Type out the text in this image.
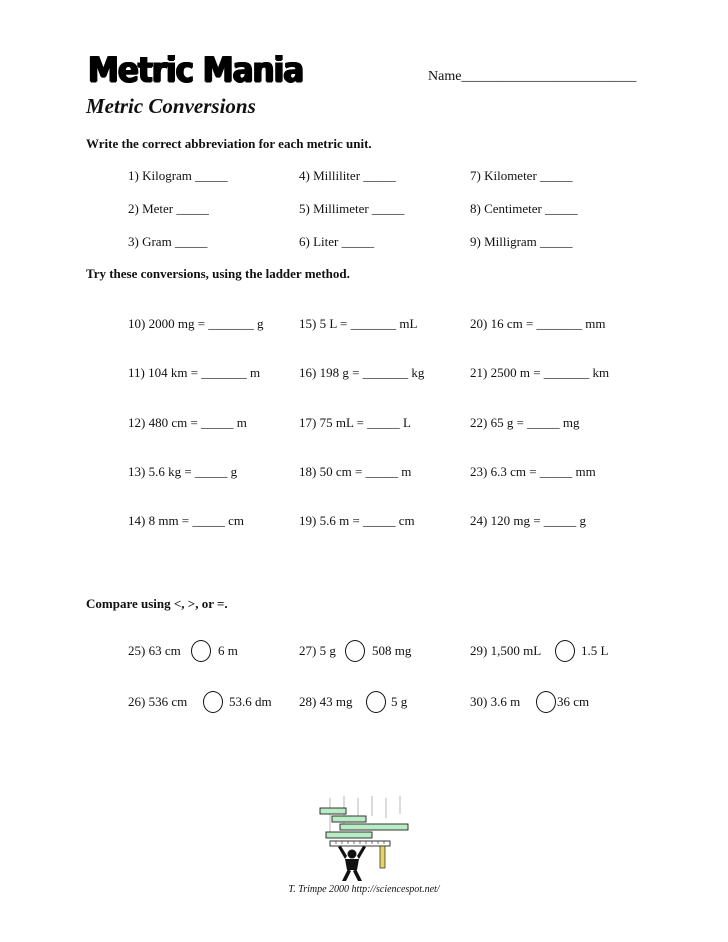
Metric Mania	Name_________________________
Metric Conversions
Write the correct abbreviation for each metric unit.
1) Kilogram _____	4) Milliliter _____	7) Kilometer _____
2) Meter _____	5) Millimeter _____	8) Centimeter _____
3) Gram _____	6) Liter _____	9) Milligram _____
Try these conversions, using the ladder method.
10) 2000 mg = _______ g	15) 5 L = _______ mL	20) 16 cm = _______ mm
11) 104 km = _______ m	16) 198 g = _______ kg	21) 2500 m = _______ km
12) 480 cm = _____ m	17) 75 mL = _____ L	22) 65 g = _____ mg
13) 5.6 kg = _____ g	18) 50 cm = _____ m	23) 6.3 cm = _____ mm
14) 8 mm = _____ cm	19) 5.6 m = _____ cm	24) 120 mg = _____ g
Compare using <, >, or =.
25) 63 cm	6 m	27) 5 g	508 mg	29) 1,500 mL	1.5 L
26) 536 cm	53.6 dm 28) 43 mg	5 g	30) 3.6 m	36 cm
T. Trimpe 2000 http://sciencespot.net/
